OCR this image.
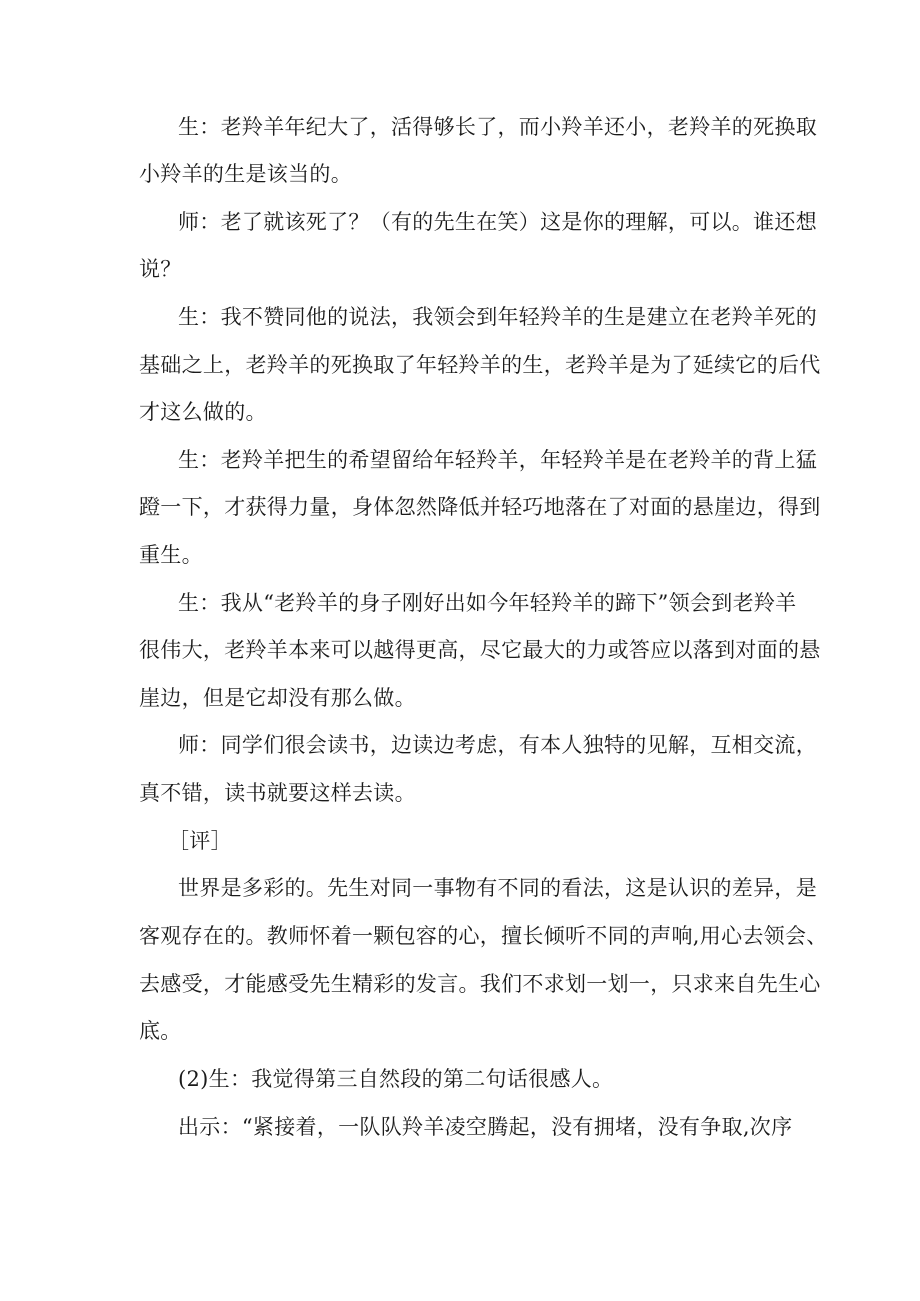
生：老羚羊年纪大了，活得够长了，而小羚羊还小，老羚羊的死换取
小羚羊的生是该当的。
师：老了就该死了？（有的先生在笑）这是你的理解，可以。谁还想
说？
生：我不赞同他的说法，我领会到年轻羚羊的生是建立在老羚羊死的
基础之上，老羚羊的死换取了年轻羚羊的生，老羚羊是为了延续它的后代
才这么做的。
生：老羚羊把生的希望留给年轻羚羊，年轻羚羊是在老羚羊的背上猛
蹬一下，才获得力量，身体忽然降低并轻巧地落在了对面的悬崖边，得到
重生。
生：我从“老羚羊的身子刚好出如今年轻羚羊的蹄下”领会到老羚羊
很伟大，老羚羊本来可以越得更高，尽它最大的力或答应以落到对面的悬
崖边，但是它却没有那么做。
师：同学们很会读书，边读边考虑，有本人独特的见解，互相交流，
真不错，读书就要这样去读。
［评］
世界是多彩的。先生对同一事物有不同的看法，这是认识的差异，是
客观存在的。教师怀着一颗包容的心，擅长倾听不同的声响,用心去领会、
去感受，才能感受先生精彩的发言。我们不求划一划一，只求来自先生心
底。
(2)生：我觉得第三自然段的第二句话很感人。
出示：“紧接着，一队队羚羊凌空腾起，没有拥堵，没有争取,次序
